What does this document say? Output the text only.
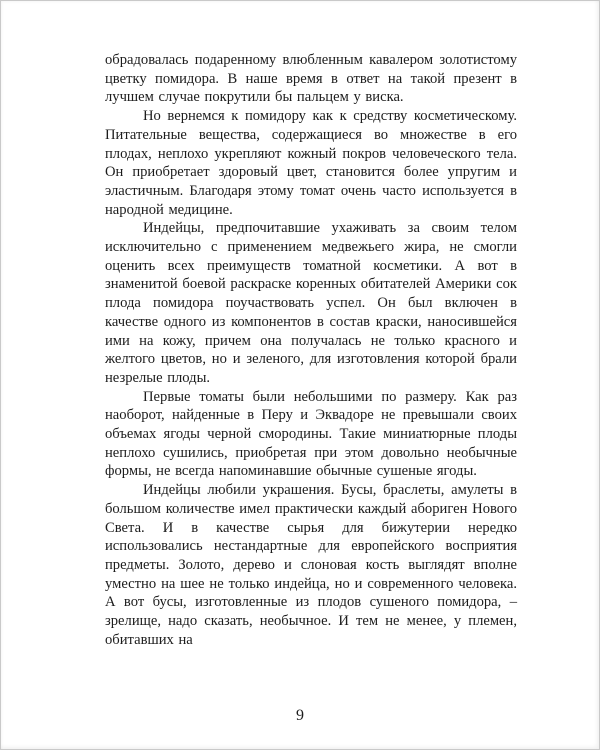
обрадовалась подаренному влюбленным кавалером золотистому цветку помидора. В наше время в ответ на такой презент в лучшем случае покрутили бы пальцем у виска.

Но вернемся к помидору как к средству косметическому. Питательные вещества, содержащиеся во множестве в его плодах, неплохо укрепляют кожный покров человеческого тела. Он приобретает здоровый цвет, становится более упругим и эластичным. Благодаря этому томат очень часто используется в народной медицине.

Индейцы, предпочитавшие ухаживать за своим телом исключительно с применением медвежьего жира, не смогли оценить всех преимуществ томатной косметики. А вот в знаменитой боевой раскраске коренных обитателей Америки сок плода помидора поучаствовать успел. Он был включен в качестве одного из компонентов в состав краски, наносившейся ими на кожу, причем она получалась не только красного и желтого цветов, но и зеленого, для изготовления которой брали незрелые плоды.

Первые томаты были небольшими по размеру. Как раз наоборот, найденные в Перу и Эквадоре не превышали своих объемах ягоды черной смородины. Такие миниатюрные плоды неплохо сушились, приобретая при этом довольно необычные формы, не всегда напоминавшие обычные сушеные ягоды.

Индейцы любили украшения. Бусы, браслеты, амулеты в большом количестве имел практически каждый абориген Нового Света. И в качестве сырья для бижутерии нередко использовались нестандартные для европейского восприятия предметы. Золото, дерево и слоновая кость выглядят вполне уместно на шее не только индейца, но и современного человека. А вот бусы, изготовленные из плодов сушеного помидора, – зрелище, надо сказать, необычное. И тем не менее, у племен, обитавших на

9
